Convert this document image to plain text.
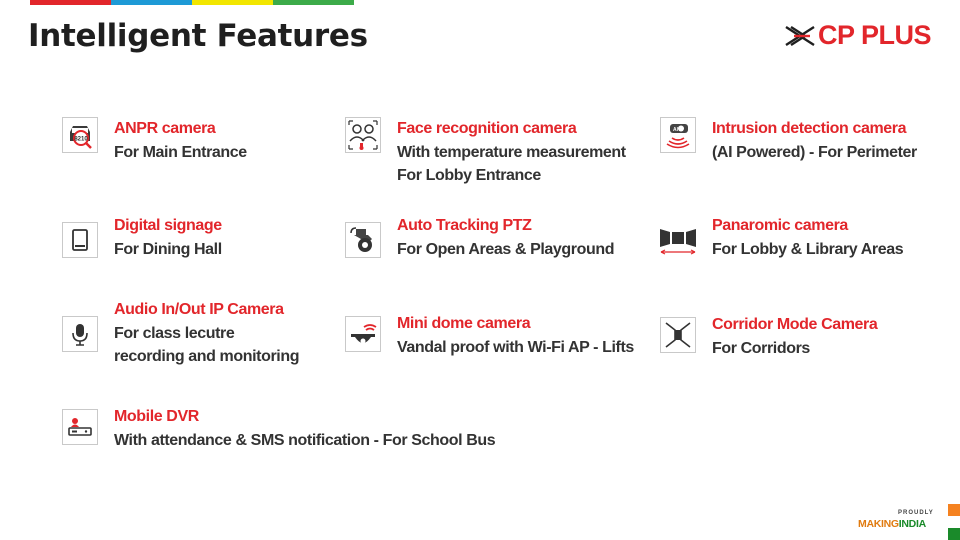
Intelligent Features	CP PLUS
8210
ANPR camera
For Main Entrance
Face recognition camera
With temperature measurement
For Lobby Entrance
AI Intrusion detection camera
(AI Powered) - For Perimeter
Digital signage
For Dining Hall
Auto Tracking PTZ
For Open Areas & Playground
Panaromic camera
For Lobby & Library Areas
Audio In/Out IP Camera
For class lecutre
recording and monitoring
Mini dome camera
Vandal proof with Wi-Fi AP - Lifts
Corridor Mode Camera
For Corridors
Mobile DVR
With attendance & SMS notification - For School Bus
PROUDLY
MAKINGINDIA
